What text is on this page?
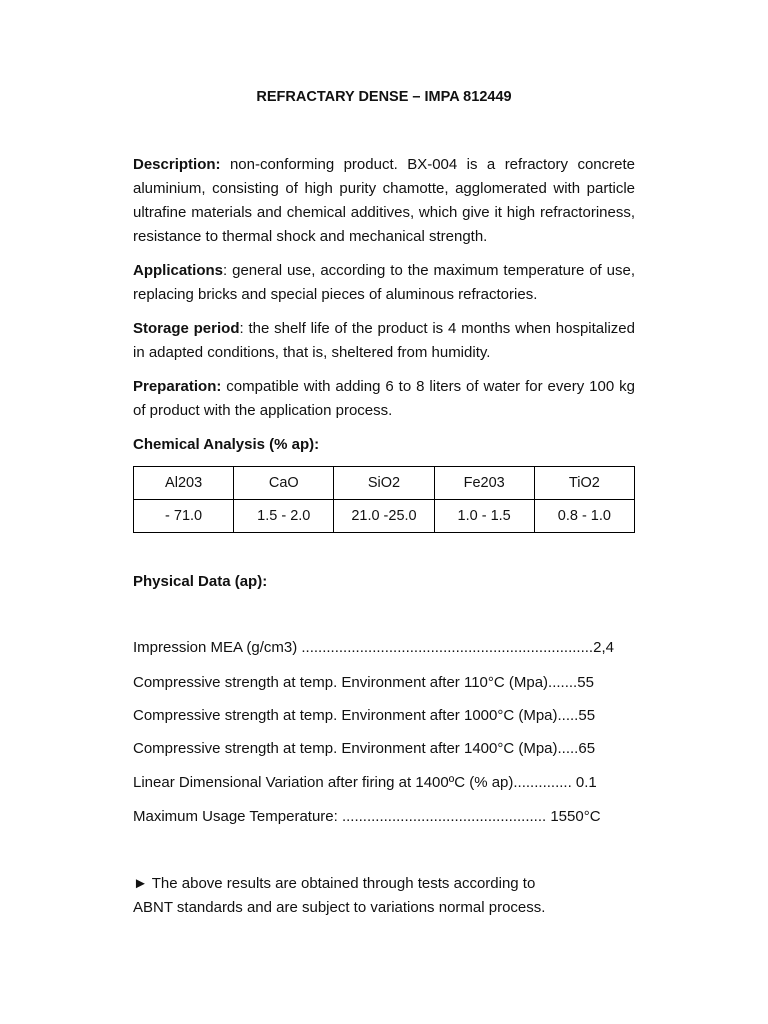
REFRACTARY DENSE – IMPA 812449

Description: non-conforming product. BX-004 is a refractory concrete aluminium, consisting of high purity chamotte, agglomerated with particle ultrafine materials and chemical additives, which give it high refractoriness, resistance to thermal shock and mechanical strength.

Applications: general use, according to the maximum temperature of use, replacing bricks and special pieces of aluminous refractories.

Storage period: the shelf life of the product is 4 months when hospitalized in adapted conditions, that is, sheltered from humidity.

Preparation: compatible with adding 6 to 8 liters of water for every 100 kg of product with the application process.

Chemical Analysis (% ap):

Al203	CaO	SiO2	Fe203	TiO2
- 71.0	1.5 - 2.0	21.0 -25.0	1.0 - 1.5	0.8 - 1.0

Physical Data (ap):

Impression MEA (g/cm3) ......................................................................2,4

Compressive strength at temp. Environment after 110°C (Mpa).......55

Compressive strength at temp. Environment after 1000°C (Mpa).....55

Compressive strength at temp. Environment after 1400°C (Mpa).....65

Linear Dimensional Variation after firing at 1400ºC (% ap).............. 0.1

Maximum Usage Temperature: ................................................. 1550°C

► The above results are obtained through tests according to ABNT standards and are subject to variations normal process.
